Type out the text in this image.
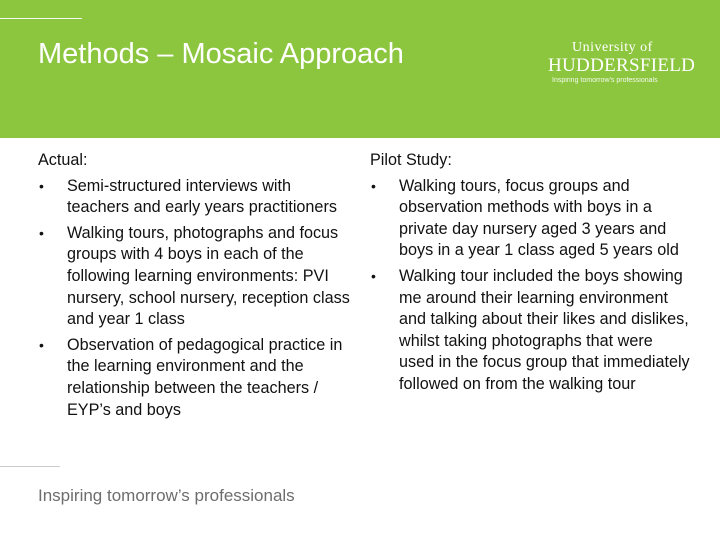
Methods – Mosaic Approach	University of
HUDDERSFIELD
Inspiring tomorrow's professionals
Actual:
• Semi-structured interviews with teachers and early years practitioners
• Walking tours, photographs and focus groups with 4 boys in each of the following learning environments: PVI nursery, school nursery, reception class and year 1 class
• Observation of pedagogical practice in the learning environment and the relationship between the teachers / EYP’s and boys
Pilot Study:
• Walking tours, focus groups and observation methods with boys in a private day nursery aged 3 years and boys in a year 1 class aged 5 years old
• Walking tour included the boys showing me around their learning environment and talking about their likes and dislikes, whilst taking photographs that were used in the focus group that immediately followed on from the walking tour
Inspiring tomorrow’s professionals
